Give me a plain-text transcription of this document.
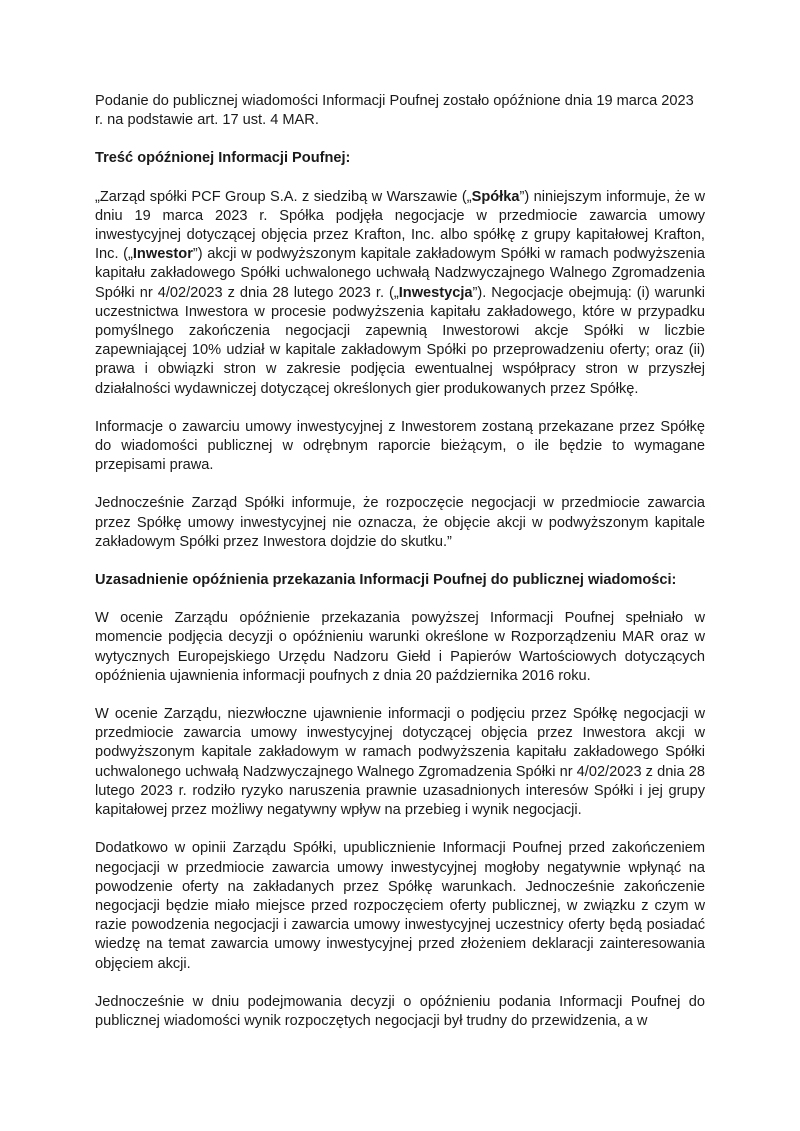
Podanie do publicznej wiadomości Informacji Poufnej zostało opóźnione dnia 19 marca 2023 r. na podstawie art. 17 ust. 4 MAR.

Treść opóźnionej Informacji Poufnej:

„Zarząd spółki PCF Group S.A. z siedzibą w Warszawie („Spółka”) niniejszym informuje, że w dniu 19 marca 2023 r. Spółka podjęła negocjacje w przedmiocie zawarcia umowy inwestycyjnej dotyczącej objęcia przez Krafton, Inc. albo spółkę z grupy kapitałowej Krafton, Inc. („Inwestor”) akcji w podwyższonym kapitale zakładowym Spółki w ramach podwyższenia kapitału zakładowego Spółki uchwalonego uchwałą Nadzwyczajnego Walnego Zgromadzenia Spółki nr 4/02/2023 z dnia 28 lutego 2023 r. („Inwestycja”). Negocjacje obejmują: (i) warunki uczestnictwa Inwestora w procesie podwyższenia kapitału zakładowego, które w przypadku pomyślnego zakończenia negocjacji zapewnią Inwestorowi akcje Spółki w liczbie zapewniającej 10% udział w kapitale zakładowym Spółki po przeprowadzeniu oferty; oraz (ii) prawa i obwiązki stron w zakresie podjęcia ewentualnej współpracy stron w przyszłej działalności wydawniczej dotyczącej określonych gier produkowanych przez Spółkę.

Informacje o zawarciu umowy inwestycyjnej z Inwestorem zostaną przekazane przez Spółkę do wiadomości publicznej w odrębnym raporcie bieżącym, o ile będzie to wymagane przepisami prawa.

Jednocześnie Zarząd Spółki informuje, że rozpoczęcie negocjacji w przedmiocie zawarcia przez Spółkę umowy inwestycyjnej nie oznacza, że objęcie akcji w podwyższonym kapitale zakładowym Spółki przez Inwestora dojdzie do skutku.”

Uzasadnienie opóźnienia przekazania Informacji Poufnej do publicznej wiadomości:

W ocenie Zarządu opóźnienie przekazania powyższej Informacji Poufnej spełniało w momencie podjęcia decyzji o opóźnieniu warunki określone w Rozporządzeniu MAR oraz w wytycznych Europejskiego Urzędu Nadzoru Giełd i Papierów Wartościowych dotyczących opóźnienia ujawnienia informacji poufnych z dnia 20 października 2016 roku.

W ocenie Zarządu, niezwłoczne ujawnienie informacji o podjęciu przez Spółkę negocjacji w przedmiocie zawarcia umowy inwestycyjnej dotyczącej objęcia przez Inwestora akcji w podwyższonym kapitale zakładowym w ramach podwyższenia kapitału zakładowego Spółki uchwalonego uchwałą Nadzwyczajnego Walnego Zgromadzenia Spółki nr 4/02/2023 z dnia 28 lutego 2023 r. rodziło ryzyko naruszenia prawnie uzasadnionych interesów Spółki i jej grupy kapitałowej przez możliwy negatywny wpływ na przebieg i wynik negocjacji.

Dodatkowo w opinii Zarządu Spółki, upublicznienie Informacji Poufnej przed zakończeniem negocjacji w przedmiocie zawarcia umowy inwestycyjnej mogłoby negatywnie wpłynąć na powodzenie oferty na zakładanych przez Spółkę warunkach. Jednocześnie zakończenie negocjacji będzie miało miejsce przed rozpoczęciem oferty publicznej, w związku z czym w razie powodzenia negocjacji i zawarcia umowy inwestycyjnej uczestnicy oferty będą posiadać wiedzę na temat zawarcia umowy inwestycyjnej przed złożeniem deklaracji zainteresowania objęciem akcji.

Jednocześnie w dniu podejmowania decyzji o opóźnieniu podania Informacji Poufnej do publicznej wiadomości wynik rozpoczętych negocjacji był trudny do przewidzenia, a w
